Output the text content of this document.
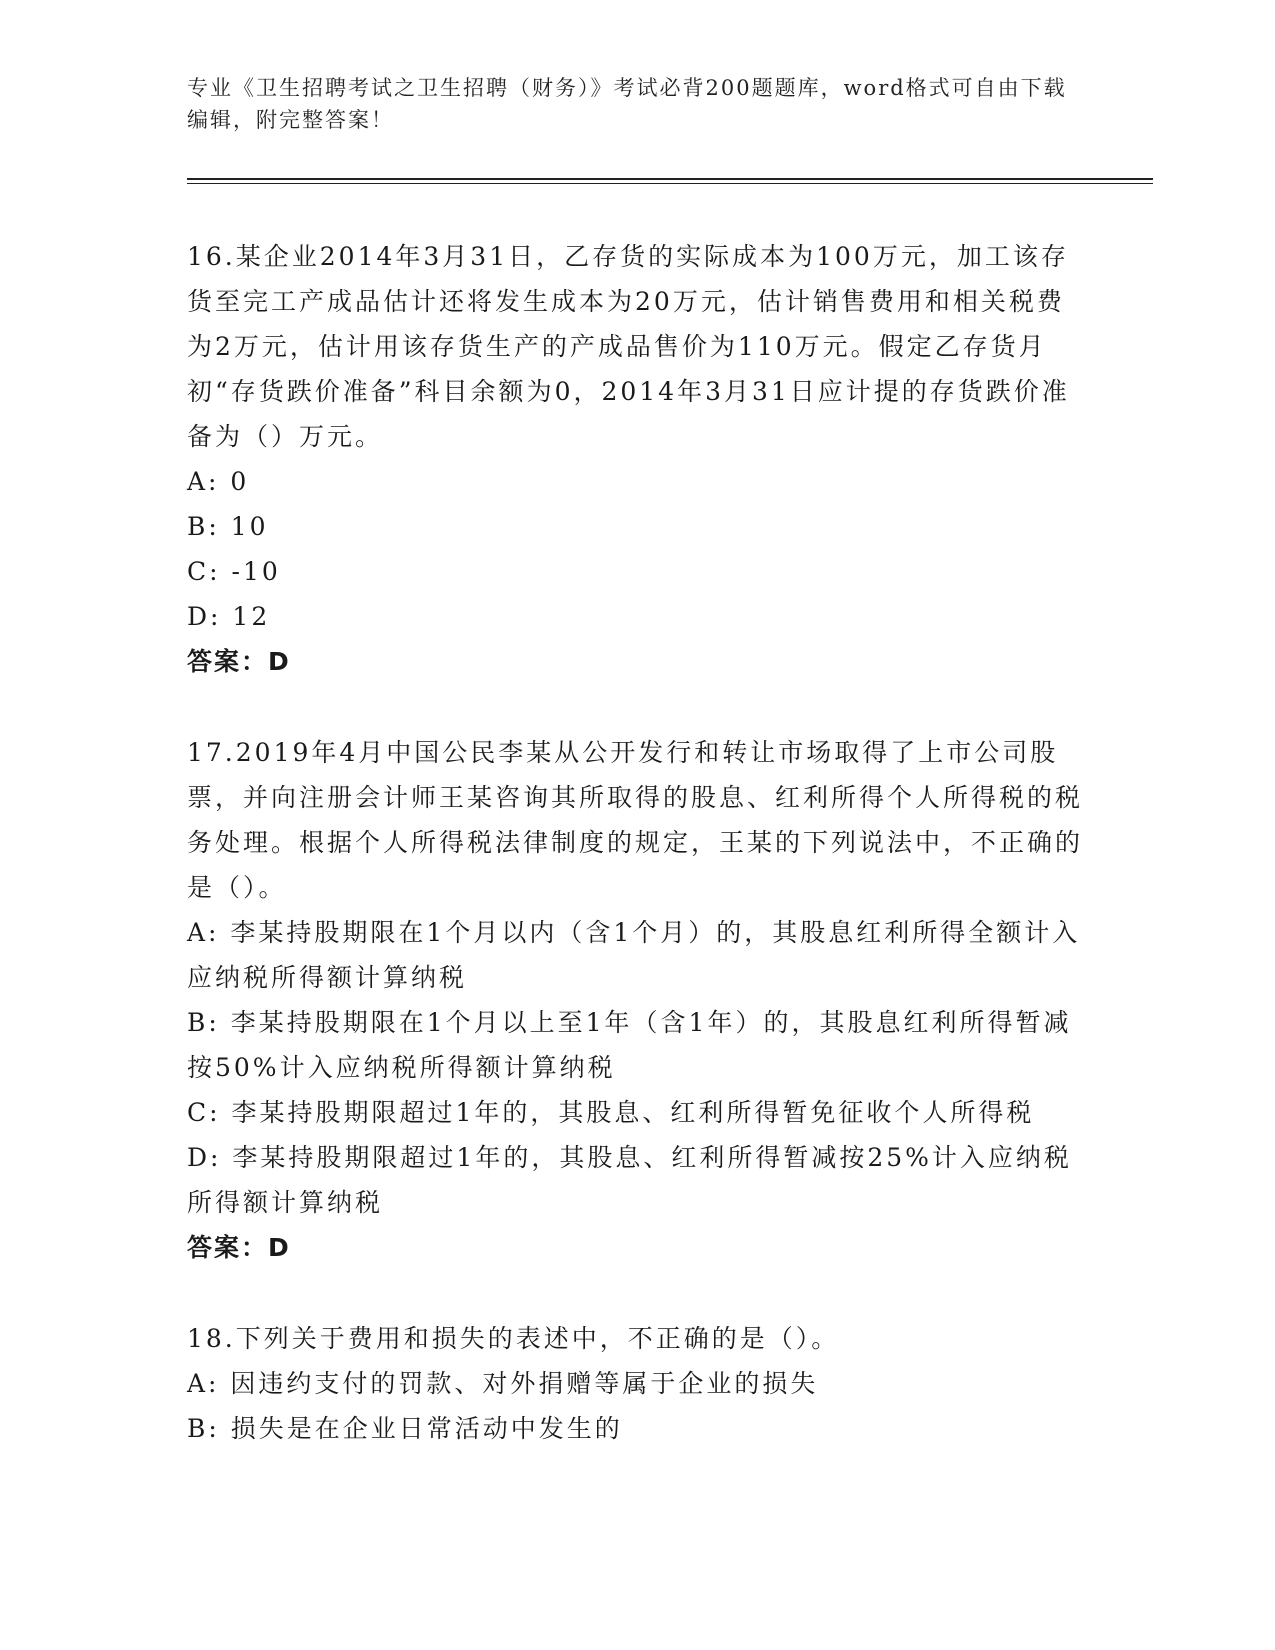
专业《卫生招聘考试之卫生招聘（财务）》考试必背200题题库，word格式可自由下载编辑，附完整答案！

16.某企业2014年3月31日，乙存货的实际成本为100万元，加工该存货至完工产成品估计还将发生成本为20万元，估计销售费用和相关税费为2万元，估计用该存货生产的产成品售价为110万元。假定乙存货月初“存货跌价准备”科目余额为0，2014年3月31日应计提的存货跌价准备为（）万元。

A: 0

B: 10

C: -10

D: 12

答案：D

17.2019年4月中国公民李某从公开发行和转让市场取得了上市公司股票，并向注册会计师王某咨询其所取得的股息、红利所得个人所得税的税务处理。根据个人所得税法律制度的规定，王某的下列说法中，不正确的是（）。

A: 李某持股期限在1个月以内（含1个月）的，其股息红利所得全额计入应纳税所得额计算纳税

B: 李某持股期限在1个月以上至1年（含1年）的，其股息红利所得暂减按50%计入应纳税所得额计算纳税

C: 李某持股期限超过1年的，其股息、红利所得暂免征收个人所得税

D: 李某持股期限超过1年的，其股息、红利所得暂减按25%计入应纳税所得额计算纳税

答案：D

18.下列关于费用和损失的表述中，不正确的是（）。

A: 因违约支付的罚款、对外捐赠等属于企业的损失

B: 损失是在企业日常活动中发生的
